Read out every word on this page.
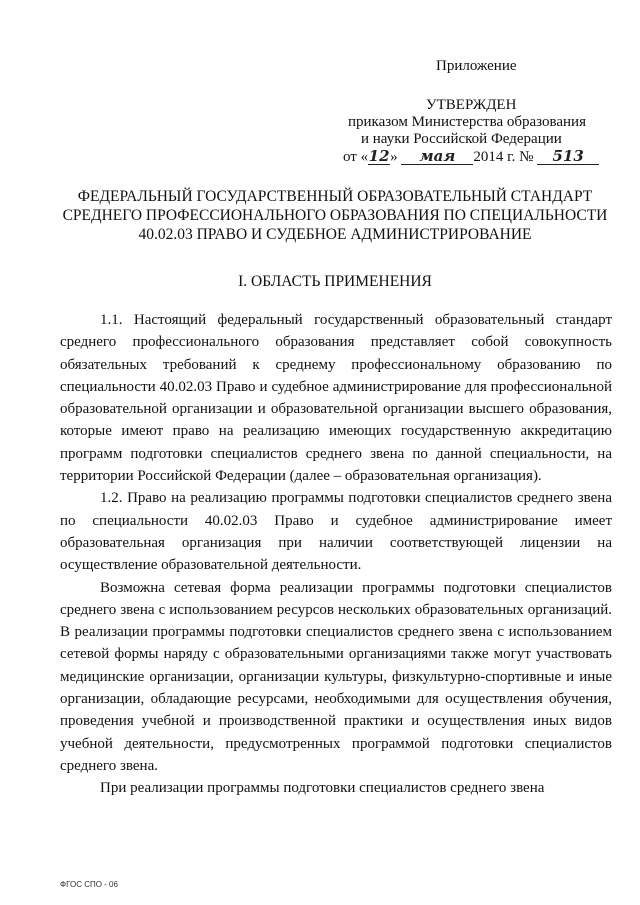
Приложение
УТВЕРЖДЕН
приказом Министерства образования
и науки Российской Федерации
от «12» мая 2014 г. № 513
ФЕДЕРАЛЬНЫЙ ГОСУДАРСТВЕННЫЙ ОБРАЗОВАТЕЛЬНЫЙ СТАНДАРТ
СРЕДНЕГО ПРОФЕССИОНАЛЬНОГО ОБРАЗОВАНИЯ ПО СПЕЦИАЛЬНОСТИ
40.02.03 ПРАВО И СУДЕБНОЕ АДМИНИСТРИРОВАНИЕ
I. ОБЛАСТЬ ПРИМЕНЕНИЯ

1.1. Настоящий федеральный государственный образовательный стандарт среднего профессионального образования представляет собой совокупность обязательных требований к среднему профессиональному образованию по специальности 40.02.03 Право и судебное администрирование для профессиональной образовательной организации и образовательной организации высшего образования, которые имеют право на реализацию имеющих государственную аккредитацию программ подготовки специалистов среднего звена по данной специальности, на территории Российской Федерации (далее – образовательная организация).

1.2. Право на реализацию программы подготовки специалистов среднего звена по специальности 40.02.03 Право и судебное администрирование имеет образовательная организация при наличии соответствующей лицензии на осуществление образовательной деятельности.

Возможна сетевая форма реализации программы подготовки специалистов среднего звена с использованием ресурсов нескольких образовательных организаций. В реализации программы подготовки специалистов среднего звена с использованием сетевой формы наряду с образовательными организациями также могут участвовать медицинские организации, организации культуры, физкультурно-спортивные и иные организации, обладающие ресурсами, необходимыми для осуществления обучения, проведения учебной и производственной практики и осуществления иных видов учебной деятельности, предусмотренных программой подготовки специалистов среднего звена.

При реализации программы подготовки специалистов среднего звена

ФГОС СПО - 06
